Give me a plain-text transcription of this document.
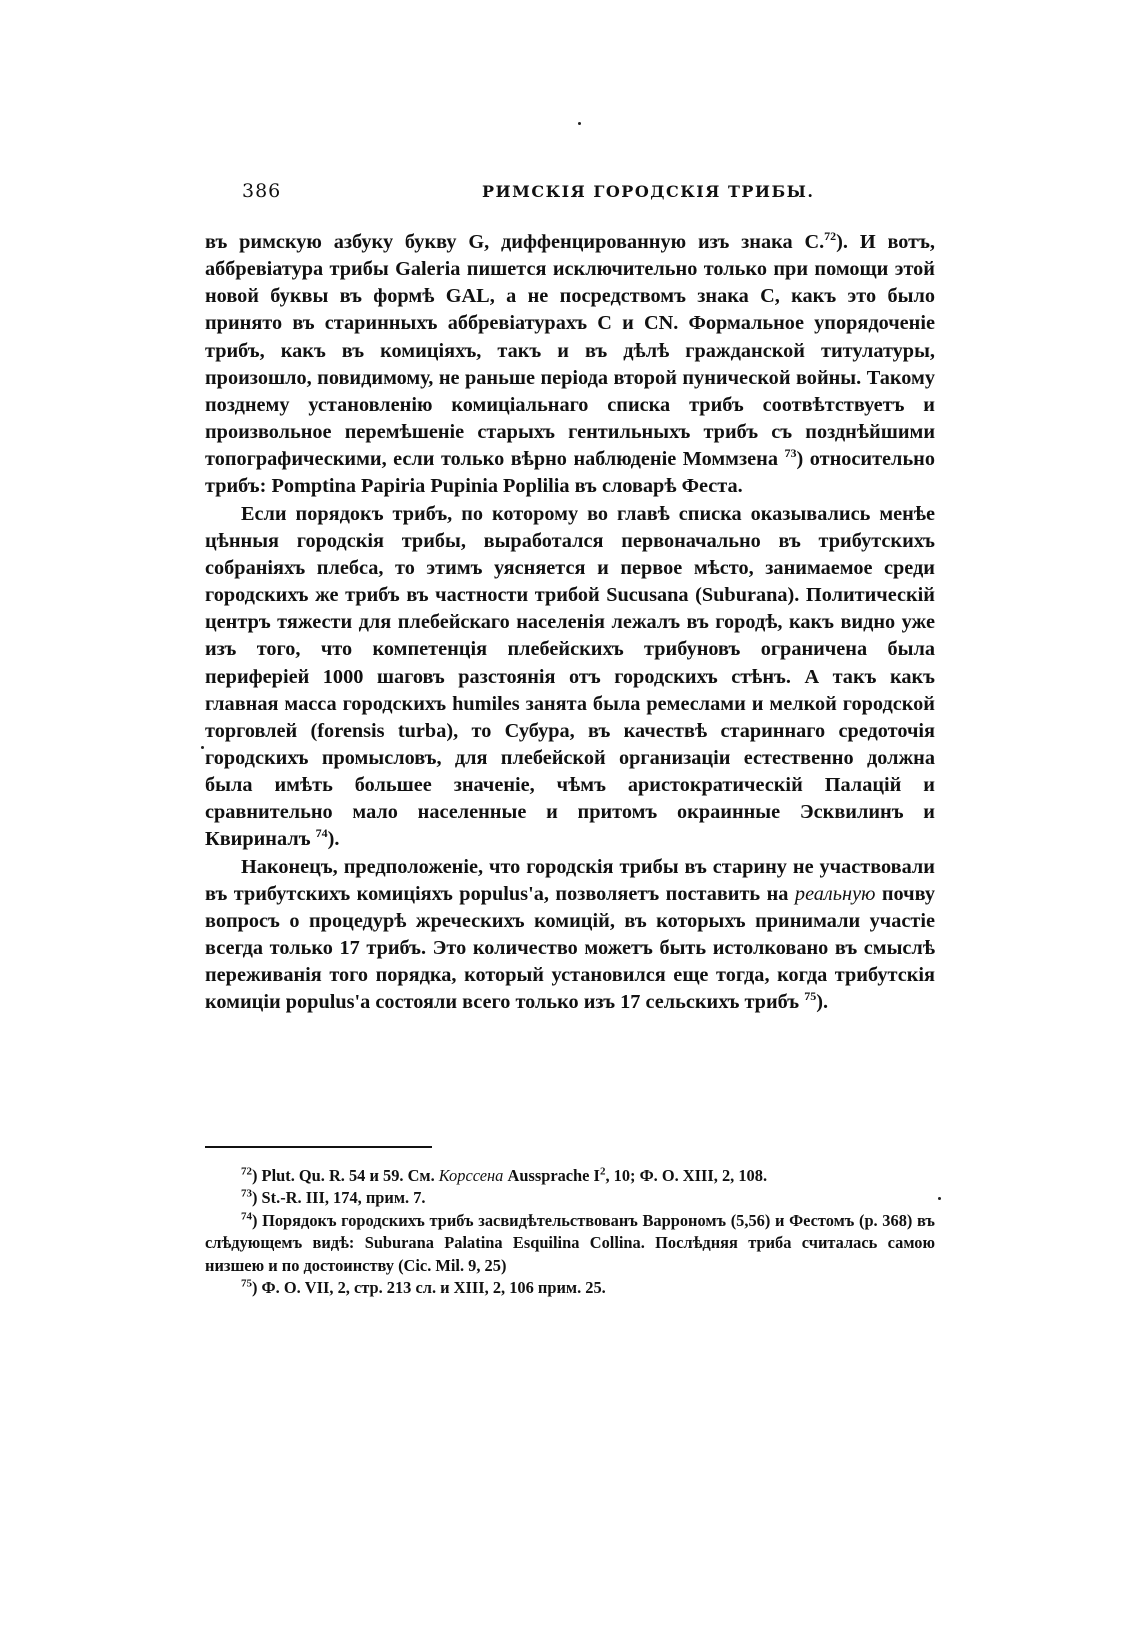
386	РИМСКІЯ ГОРОДСКІЯ ТРИБЫ.

въ римскую азбуку букву G, диффенцированную изъ знака C.$^{72}$). И вотъ, аббревіатура трибы Galeria пишется исключительно только при помощи этой новой буквы въ формѣ GAL, а не посредствомъ знака C, какъ это было принято въ старинныхъ аббревіатурахъ C и CN. Формальное упорядоченіе трибъ, какъ въ комиціяхъ, такъ и въ дѣлѣ гражданской титулатуры, произошло, повидимому, не раньше періода второй пунической войны. Такому позднему установленію комиціальнаго списка трибъ соотвѣтствуетъ и произвольное перемѣшеніе старыхъ гентильныхъ трибъ съ позднѣйшими топографическими, если только вѣрно наблюденіе Моммзена $^{73}$) относительно трибъ: Pomptina Papiria Pupinia Poplilia въ словарѣ Феста.

Если порядокъ трибъ, по которому во главѣ списка оказывались менѣе цѣнныя городскія трибы, выработался первоначально въ трибутскихъ собраніяхъ плебса, то этимъ уясняется и первое мѣсто, занимаемое среди городскихъ же трибъ въ частности трибой Sucusana (Suburana). Политическій центръ тяжести для плебейскаго населенія лежалъ въ городѣ, какъ видно уже изъ того, что компетенція плебейскихъ трибуновъ ограничена была периферіей 1000 шаговъ разстоянія отъ городскихъ стѣнъ. А такъ какъ главная масса городскихъ humiles занята была ремеслами и мелкой городской торговлей (forensis turba), то Субура, въ качествѣ стариннаго средоточія городскихъ промысловъ, для плебейской организаціи естественно должна была имѣть большее значеніе, чѣмъ аристократическій Палацій и сравнительно мало населенные и притомъ окраинные Эсквилинъ и Квириналъ $^{74}$).

Наконецъ, предположеніе, что городскія трибы въ старину не участвовали въ трибутскихъ комиціяхъ populus'а, позволяетъ поставить на реальную почву вопросъ о процедурѣ жреческихъ комицій, въ которыхъ принимали участіе всегда только 17 трибъ. Это количество можетъ быть истолковано въ смыслѣ переживанія того порядка, который установился еще тогда, когда трибутскія комиціи populus'а состояли всего только изъ 17 сельскихъ трибъ $^{75}$).

$^{72}$) Plut. Qu. R. 54 и 59. См. Корссена Aussprache I$^2$, 10; Ф. О. XIII, 2, 108.

$^{73}$) St.-R. III, 174, прим. 7.

$^{74}$) Порядокъ городскихъ трибъ засвидѣтельствованъ Варрономъ (5,56) и Фестомъ (p. 368) въ слѣдующемъ видѣ: Suburana Palatina Esquilina Collina. Послѣдняя триба считалась самою низшею и по достоинству (Cic. Mil. 9, 25)

$^{75}$) Ф. О. VII, 2, стр. 213 сл. и XIII, 2, 106 прим. 25.
